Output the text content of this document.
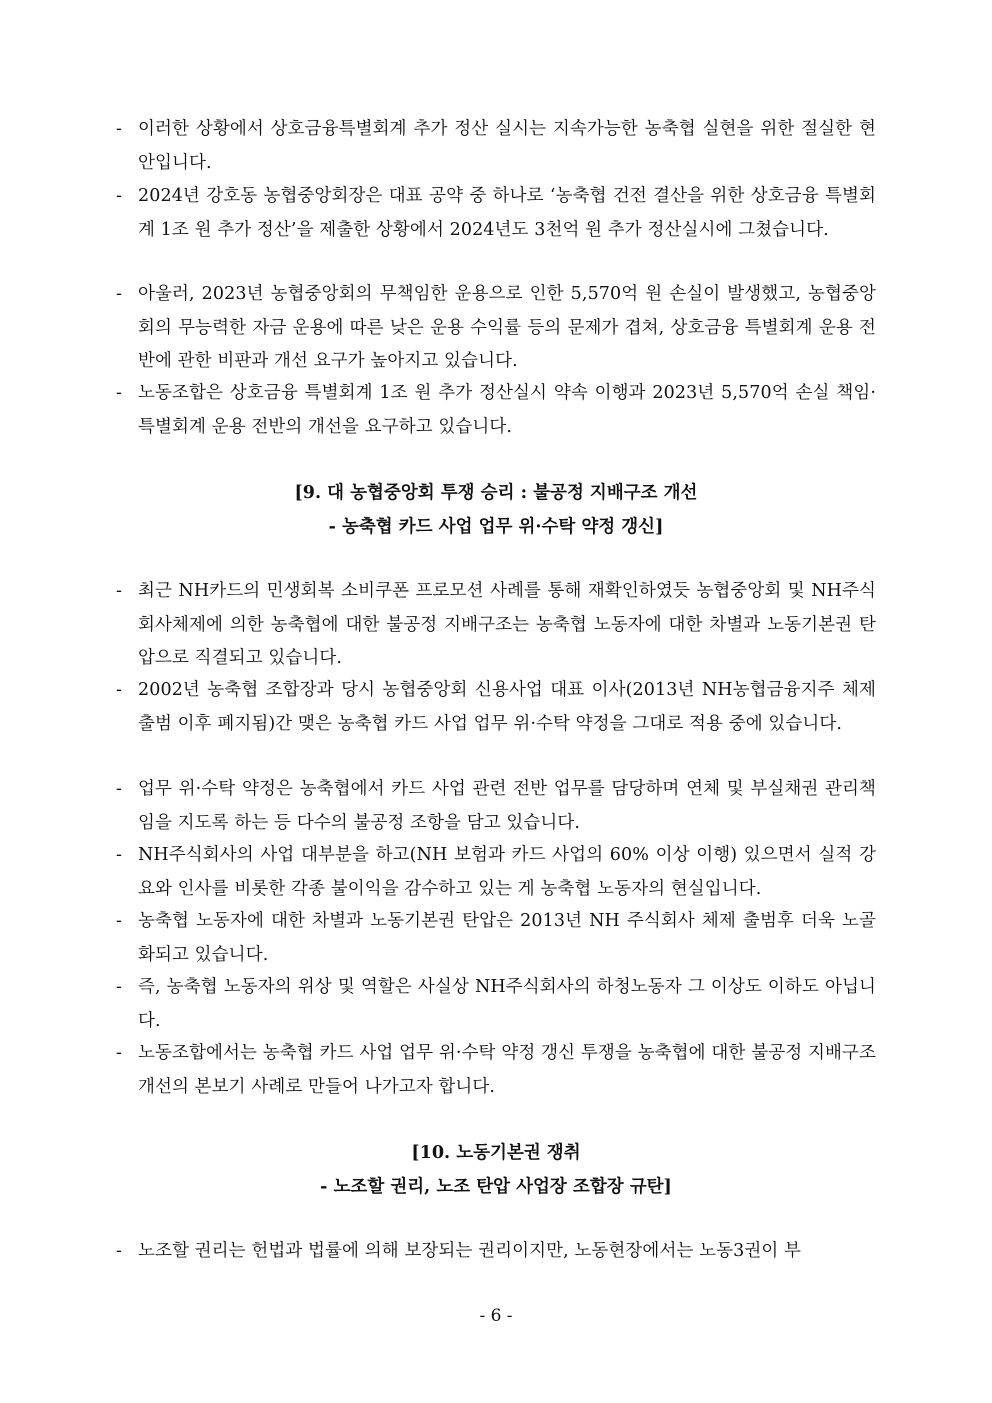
- 이러한 상황에서 상호금융특별회계 추가 정산 실시는 지속가능한 농축협 실현을 위한 절실한 현안입니다.
- 2024년 강호동 농협중앙회장은 대표 공약 중 하나로 ‘농축협 건전 결산을 위한 상호금융 특별회계 1조 원 추가 정산’을 제출한 상황에서 2024년도 3천억 원 추가 정산실시에 그쳤습니다.
- 아울러, 2023년 농협중앙회의 무책임한 운용으로 인한 5,570억 원 손실이 발생했고, 농협중앙회의 무능력한 자금 운용에 따른 낮은 운용 수익률 등의 문제가 겹쳐, 상호금융 특별회계 운용 전반에 관한 비판과 개선 요구가 높아지고 있습니다.
- 노동조합은 상호금융 특별회계 1조 원 추가 정산실시 약속 이행과 2023년 5,570억 손실 책임·특별회계 운용 전반의 개선을 요구하고 있습니다.
[9. 대 농협중앙회 투쟁 승리 : 불공정 지배구조 개선
- 농축협 카드 사업 업무 위·수탁 약정 갱신]
- 최근 NH카드의 민생회복 소비쿠폰 프로모션 사례를 통해 재확인하였듯 농협중앙회 및 NH주식회사체제에 의한 농축협에 대한 불공정 지배구조는 농축협 노동자에 대한 차별과 노동기본권 탄압으로 직결되고 있습니다.
- 2002년 농축협 조합장과 당시 농협중앙회 신용사업 대표 이사(2013년 NH농협금융지주 체제 출범 이후 폐지됨)간 맺은 농축협 카드 사업 업무 위·수탁 약정을 그대로 적용 중에 있습니다.
- 업무 위·수탁 약정은 농축협에서 카드 사업 관련 전반 업무를 담당하며 연체 및 부실채권 관리책임을 지도록 하는 등 다수의 불공정 조항을 담고 있습니다.
- NH주식회사의 사업 대부분을 하고(NH 보험과 카드 사업의 60% 이상 이행) 있으면서 실적 강요와 인사를 비롯한 각종 불이익을 감수하고 있는 게 농축협 노동자의 현실입니다.
- 농축협 노동자에 대한 차별과 노동기본권 탄압은 2013년 NH 주식회사 체제 출범후 더욱 노골화되고 있습니다.
- 즉, 농축협 노동자의 위상 및 역할은 사실상 NH주식회사의 하청노동자 그 이상도 이하도 아닙니다.
- 노동조합에서는 농축협 카드 사업 업무 위·수탁 약정 갱신 투쟁을 농축협에 대한 불공정 지배구조 개선의 본보기 사례로 만들어 나가고자 합니다.
[10. 노동기본권 쟁취
- 노조할 권리, 노조 탄압 사업장 조합장 규탄]
- 노조할 권리는 헌법과 법률에 의해 보장되는 권리이지만, 노동현장에서는 노동3권이 부
- 6 -
